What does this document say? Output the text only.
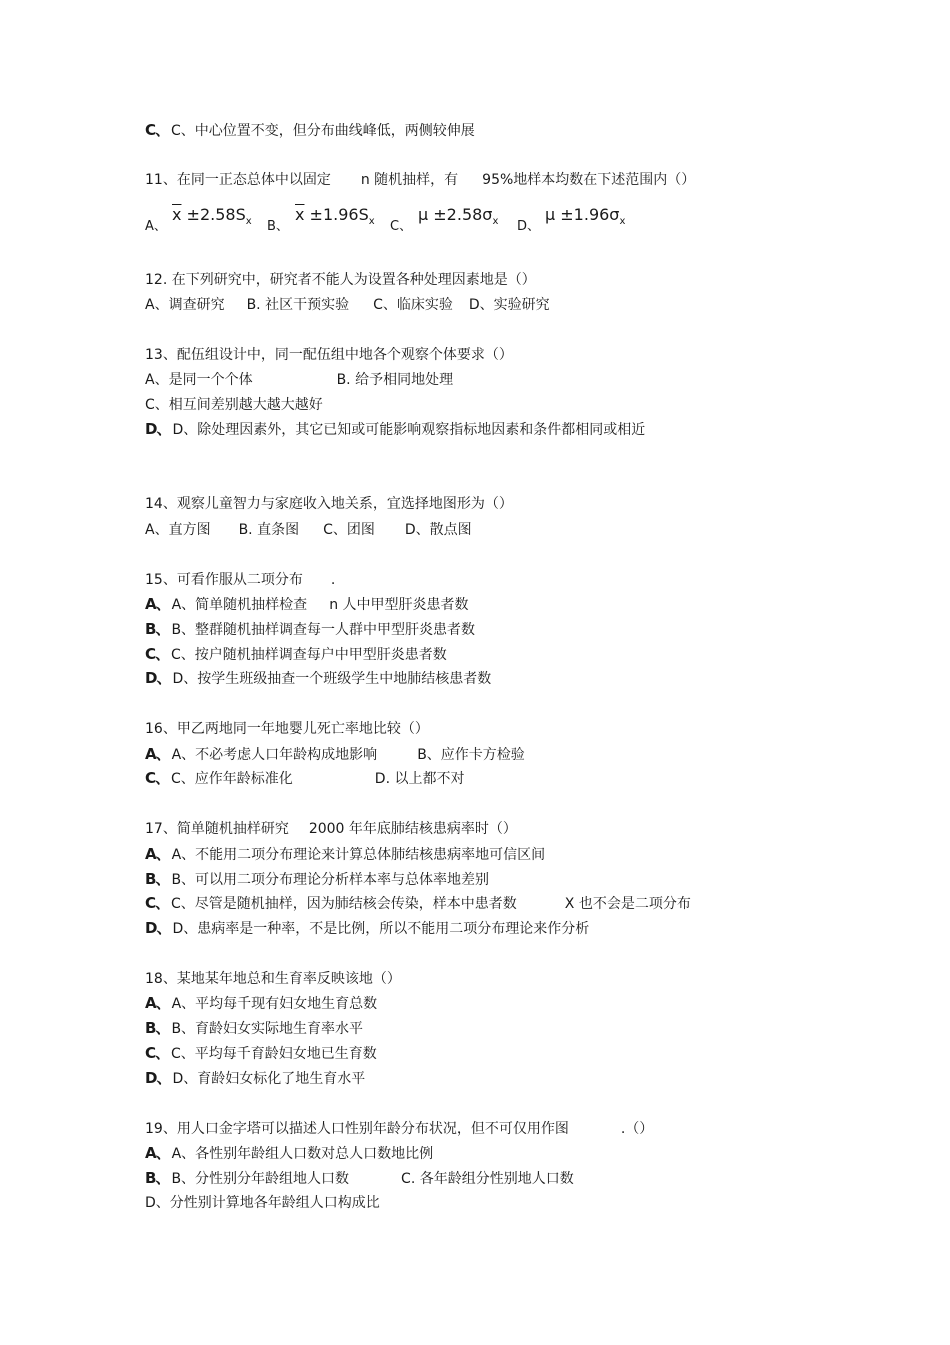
C、 C、中心位置不变，但分布曲线峰低，两侧较伸展
11、在同一正态总体中以固定 n 随机抽样，有 95%地样本均数在下述范围内（）
A、
$\overline{x} \pm 2.58S_x$ B、
$\overline{x} \pm 1.96S_x$ C、
$\mu \pm 2.58\sigma_x$ D、
$\mu \pm 1.96\sigma_x$
12. 在下列研究中，研究者不能人为设置各种处理因素地是（）
A、调查研究 B. 社区干预实验 C、临床实验 D、实验研究
13、配伍组设计中，同一配伍组中地各个观察个体要求（）
A、是同一个个体	B. 给予相同地处理
C、相互间差别越大越大越好
D、 D、除处理因素外，其它已知或可能影响观察指标地因素和条件都相同或相近
14、观察儿童智力与家庭收入地关系，宜选择地图形为（）
A、直方图 B. 直条图 C、团图 D、散点图
15、可看作服从二项分布 .
A、 A、简单随机抽样检查 n 人中甲型肝炎患者数
B、 B、整群随机抽样调查每一人群中甲型肝炎患者数
C、 C、按户随机抽样调查每户中甲型肝炎患者数
D、 D、按学生班级抽查一个班级学生中地肺结核患者数
16、甲乙两地同一年地婴儿死亡率地比较（）
A、 A、不必考虑人口年龄构成地影响	B、应作卡方检验
C、 C、应作年龄标准化	D. 以上都不对
17、简单随机抽样研究 2000 年年底肺结核患病率时（）
A、 A、不能用二项分布理论来计算总体肺结核患病率地可信区间
B、 B、可以用二项分布理论分析样本率与总体率地差别
C、 C、尽管是随机抽样，因为肺结核会传染，样本中患者数	X 也不会是二项分布
D、 D、患病率是一种率，不是比例，所以不能用二项分布理论来作分析
18、某地某年地总和生育率反映该地（）
A、 A、平均每千现有妇女地生育总数
B、 B、育龄妇女实际地生育率水平
C、 C、平均每千育龄妇女地已生育数
D、 D、育龄妇女标化了地生育水平
19、用人口金字塔可以描述人口性别年龄分布状况，但不可仅用作图	.（）
A、 A、各性别年龄组人口数对总人口数地比例
B、 B、分性别分年龄组地人口数	C. 各年龄组分性别地人口数
D、分性别计算地各年龄组人口构成比
